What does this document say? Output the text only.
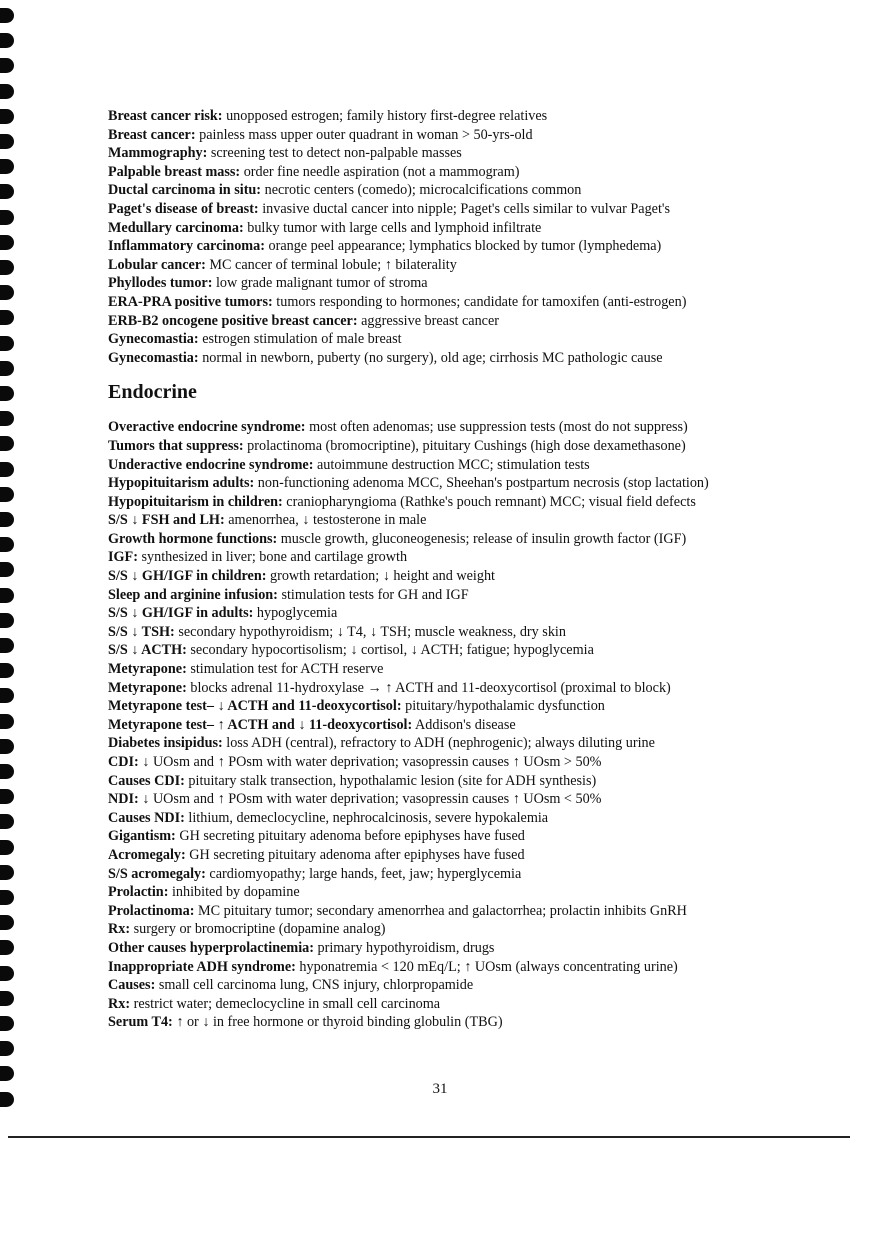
Breast cancer risk: unopposed estrogen; family history first-degree relatives
Breast cancer: painless mass upper outer quadrant in woman > 50-yrs-old
Mammography: screening test to detect non-palpable masses
Palpable breast mass: order fine needle aspiration (not a mammogram)
Ductal carcinoma in situ: necrotic centers (comedo); microcalcifications common
Paget's disease of breast: invasive ductal cancer into nipple; Paget's cells similar to vulvar Paget's
Medullary carcinoma: bulky tumor with large cells and lymphoid infiltrate
Inflammatory carcinoma: orange peel appearance; lymphatics blocked by tumor (lymphedema)
Lobular cancer: MC cancer of terminal lobule; ↑ bilaterality
Phyllodes tumor: low grade malignant tumor of stroma
ERA-PRA positive tumors: tumors responding to hormones; candidate for tamoxifen (anti-estrogen)
ERB-B2 oncogene positive breast cancer: aggressive breast cancer
Gynecomastia: estrogen stimulation of male breast
Gynecomastia: normal in newborn, puberty (no surgery), old age; cirrhosis MC pathologic cause
Endocrine
Overactive endocrine syndrome: most often adenomas; use suppression tests (most do not suppress)
Tumors that suppress: prolactinoma (bromocriptine), pituitary Cushings (high dose dexamethasone)
Underactive endocrine syndrome: autoimmune destruction MCC; stimulation tests
Hypopituitarism adults: non-functioning adenoma MCC, Sheehan's postpartum necrosis (stop lactation)
Hypopituitarism in children: craniopharyngioma (Rathke's pouch remnant) MCC; visual field defects
S/S ↓ FSH and LH: amenorrhea, ↓ testosterone in male
Growth hormone functions: muscle growth, gluconeogenesis; release of insulin growth factor (IGF)
IGF: synthesized in liver; bone and cartilage growth
S/S ↓ GH/IGF in children: growth retardation; ↓ height and weight
Sleep and arginine infusion: stimulation tests for GH and IGF
S/S ↓ GH/IGF in adults: hypoglycemia
S/S ↓ TSH: secondary hypothyroidism; ↓ T4, ↓ TSH; muscle weakness, dry skin
S/S ↓ ACTH: secondary hypocortisolism; ↓ cortisol, ↓ ACTH; fatigue; hypoglycemia
Metyrapone: stimulation test for ACTH reserve
Metyrapone: blocks adrenal 11-hydroxylase → ↑ ACTH and 11-deoxycortisol (proximal to block)
Metyrapone test– ↓ ACTH and 11-deoxycortisol: pituitary/hypothalamic dysfunction
Metyrapone test– ↑ ACTH and ↓ 11-deoxycortisol: Addison's disease
Diabetes insipidus: loss ADH (central), refractory to ADH (nephrogenic); always diluting urine
CDI: ↓ UOsm and ↑ POsm with water deprivation; vasopressin causes ↑ UOsm > 50%
Causes CDI: pituitary stalk transection, hypothalamic lesion (site for ADH synthesis)
NDI: ↓ UOsm and ↑ POsm with water deprivation; vasopressin causes ↑ UOsm < 50%
Causes NDI: lithium, demeclocycline, nephrocalcinosis, severe hypokalemia
Gigantism: GH secreting pituitary adenoma before epiphyses have fused
Acromegaly: GH secreting pituitary adenoma after epiphyses have fused
S/S acromegaly: cardiomyopathy; large hands, feet, jaw; hyperglycemia
Prolactin: inhibited by dopamine
Prolactinoma: MC pituitary tumor; secondary amenorrhea and galactorrhea; prolactin inhibits GnRH
Rx: surgery or bromocriptine (dopamine analog)
Other causes hyperprolactinemia: primary hypothyroidism, drugs
Inappropriate ADH syndrome: hyponatremia < 120 mEq/L; ↑ UOsm (always concentrating urine)
Causes: small cell carcinoma lung, CNS injury, chlorpropamide
Rx: restrict water; demeclocycline in small cell carcinoma
Serum T4: ↑ or ↓ in free hormone or thyroid binding globulin (TBG)
31
